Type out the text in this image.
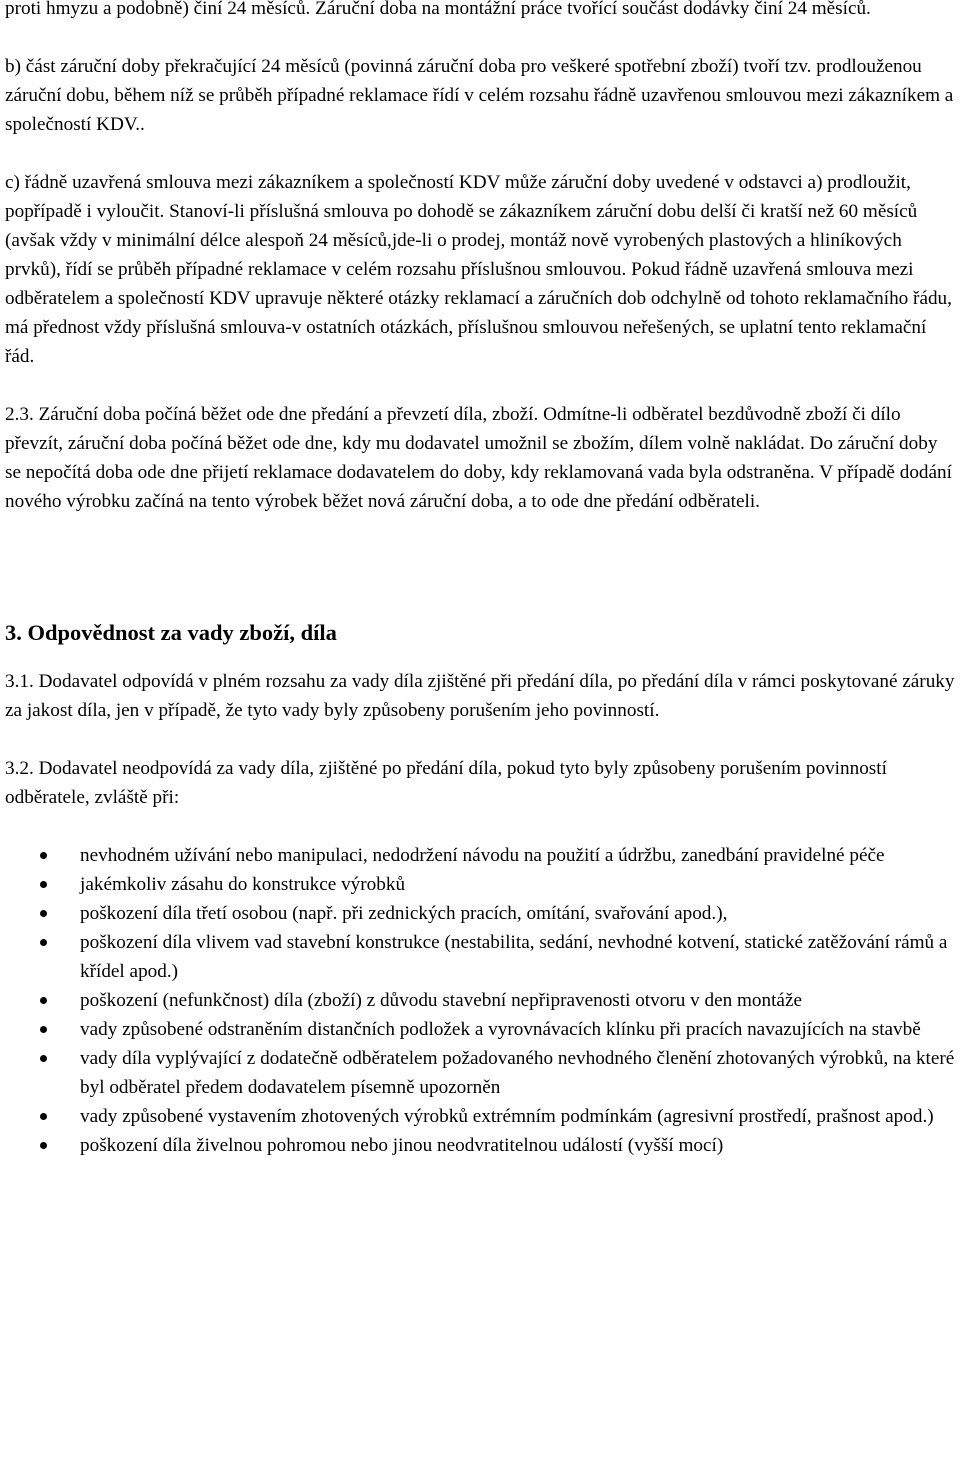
proti hmyzu a podobně) činí 24 měsíců. Záruční doba na montážní práce tvořící součást dodávky činí 24 měsíců.

b) část záruční doby překračující 24 měsíců (povinná záruční doba pro veškeré spotřební zboží) tvoří tzv. prodlouženou záruční dobu, během níž se průběh případné reklamace řídí v celém rozsahu řádně uzavřenou smlouvou mezi zákazníkem a společností KDV..

c) řádně uzavřená smlouva mezi zákazníkem a společností KDV může záruční doby uvedené v odstavci a) prodloužit, popřípadě i vyloučit. Stanoví-li příslušná smlouva po dohodě se zákazníkem záruční dobu delší či kratší než 60 měsíců (avšak vždy v minimální délce alespoň 24 měsíců,jde-li o prodej, montáž nově vyrobených plastových a hliníkových prvků), řídí se průběh případné reklamace v celém rozsahu příslušnou smlouvou. Pokud řádně uzavřená smlouva mezi odběratelem a společností KDV upravuje některé otázky reklamací a záručních dob odchylně od tohoto reklamačního řádu, má přednost vždy příslušná smlouva-v ostatních otázkách, příslušnou smlouvou neřešených, se uplatní tento reklamační řád.

2.3. Záruční doba počíná běžet ode dne předání a převzetí díla, zboží. Odmítne-li odběratel bezdůvodně zboží či dílo převzít, záruční doba počíná běžet ode dne, kdy mu dodavatel umožnil se zbožím, dílem volně nakládat. Do záruční doby se nepočítá doba ode dne přijetí reklamace dodavatelem do doby, kdy reklamovaná vada byla odstraněna. V případě dodání nového výrobku začíná na tento výrobek běžet nová záruční doba, a to ode dne předání odběrateli.

3. Odpovědnost za vady zboží, díla

3.1. Dodavatel odpovídá v plném rozsahu za vady díla zjištěné při předání díla, po předání díla v rámci poskytované záruky za jakost díla, jen v případě, že tyto vady byly způsobeny porušením jeho povinností.

3.2. Dodavatel neodpovídá za vady díla, zjištěné po předání díla, pokud tyto byly způsobeny porušením povinností odběratele, zvláště při:

nevhodném užívání nebo manipulaci, nedodržení návodu na použití a údržbu, zanedbání pravidelné péče
jakémkoliv zásahu do konstrukce výrobků
poškození díla třetí osobou (např. při zednických pracích, omítání, svařování apod.),
poškození díla vlivem vad stavební konstrukce (nestabilita, sedání, nevhodné kotvení, statické zatěžování rámů a křídel apod.)
poškození (nefunkčnost) díla (zboží) z důvodu stavební nepřipravenosti otvoru v den montáže
vady způsobené odstraněním distančních podložek a vyrovnávacích klínku při pracích navazujících na stavbě
vady díla vyplývající z dodatečně odběratelem požadovaného nevhodného členění zhotovaných výrobků, na které byl odběratel předem dodavatelem písemně upozorněn
vady způsobené vystavením zhotovených výrobků extrémním podmínkám (agresivní prostředí, prašnost apod.)
poškození díla živelnou pohromou nebo jinou neodvratitelnou událostí (vyšší mocí)
